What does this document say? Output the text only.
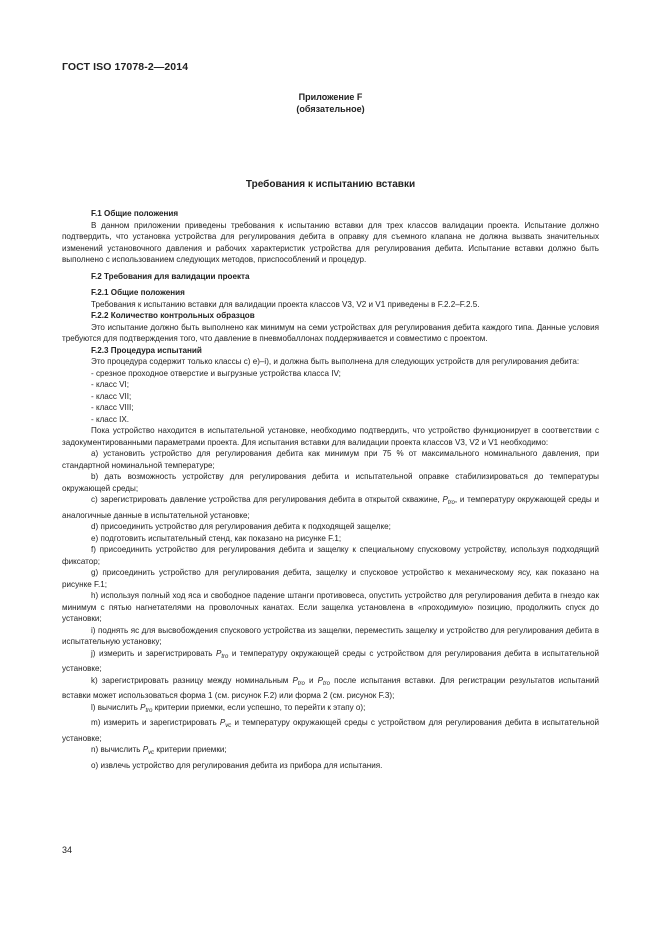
ГОСТ ISO 17078-2—2014
Приложение F
(обязательное)
Требования к испытанию вставки
F.1 Общие положения
В данном приложении приведены требования к испытанию вставки для трех классов валидации проекта. Испытание должно подтвердить, что установка устройства для регулирования дебита в оправку для съемного клапана не должна вызвать значительных изменений установочного давления и рабочих характеристик устройства для регулирования дебита. Испытание вставки должно быть выполнено с использованием следующих методов, приспособлений и процедур.
F.2 Требования для валидации проекта
F.2.1 Общие положения
Требования к испытанию вставки для валидации проекта классов V3, V2 и V1 приведены в F.2.2–F.2.5.
F.2.2 Количество контрольных образцов
Это испытание должно быть выполнено как минимум на семи устройствах для регулирования дебита каждого типа. Данные условия требуются для подтверждения того, что давление в пневмобаллонах поддерживается и совместимо с проектом.
F.2.3 Процедура испытаний
Это процедура содержит только классы с) е)–i), и должна быть выполнена для следующих устройств для регулирования дебита:
- срезное проходное отверстие и выгрузные устройства класса IV;
- класс VI;
- класс VII;
- класс VIII;
- класс IX.
Пока устройство находится в испытательной установке, необходимо подтвердить, что устройство функционирует в соответствии с задокументированными параметрами проекта. Для испытания вставки для валидации проекта классов V3, V2 и V1 необходимо:
a) установить устройство для регулирования дебита как минимум при 75 % от максимального номинального давления, при стандартной номинальной температуре;
b) дать возможность устройству для регулирования дебита и испытательной оправке стабилизироваться до температуры окружающей среды;
c) зарегистрировать давление устройства для регулирования дебита в открытой скважине, $P_{tro}$, и температуру окружающей среды и аналогичные данные в испытательной установке;
d) присоединить устройство для регулирования дебита к подходящей защелке;
e) подготовить испытательный стенд, как показано на рисунке F.1;
f) присоединить устройство для регулирования дебита и защелку к специальному спусковому устройству, используя подходящий фиксатор;
g) присоединить устройство для регулирования дебита, защелку и спусковое устройство к механическому ясу, как показано на рисунке F.1;
h) используя полный ход яса и свободное падение штанги противовеса, опустить устройство для регулирования дебита в гнездо как минимум с пятью нагнетателями на проволочных канатах. Если защелка установлена в «проходимую» позицию, продолжить спуск до установки;
i) поднять яс для высвобождения спускового устройства из защелки, переместить защелку и устройство для регулирования дебита в испытательную установку;
j) измерить и зарегистрировать $P_{tro}$ и температуру окружающей среды с устройством для регулирования дебита в испытательной установке;
k) зарегистрировать разницу между номинальным $P_{tro}$ и $P_{tro}$ после испытания вставки. Для регистрации результатов испытаний вставки может использоваться форма 1 (см. рисунок F.2) или форма 2 (см. рисунок F.3);
l) вычислить $P_{tro}$ критерии приемки, если успешно, то перейти к этапу о);
m) измерить и зарегистрировать $P_{vc}$ и температуру окружающей среды с устройством для регулирования дебита в испытательной установке;
n) вычислить $P_{vc}$ критерии приемки;
o) извлечь устройство для регулирования дебита из прибора для испытания.
34
